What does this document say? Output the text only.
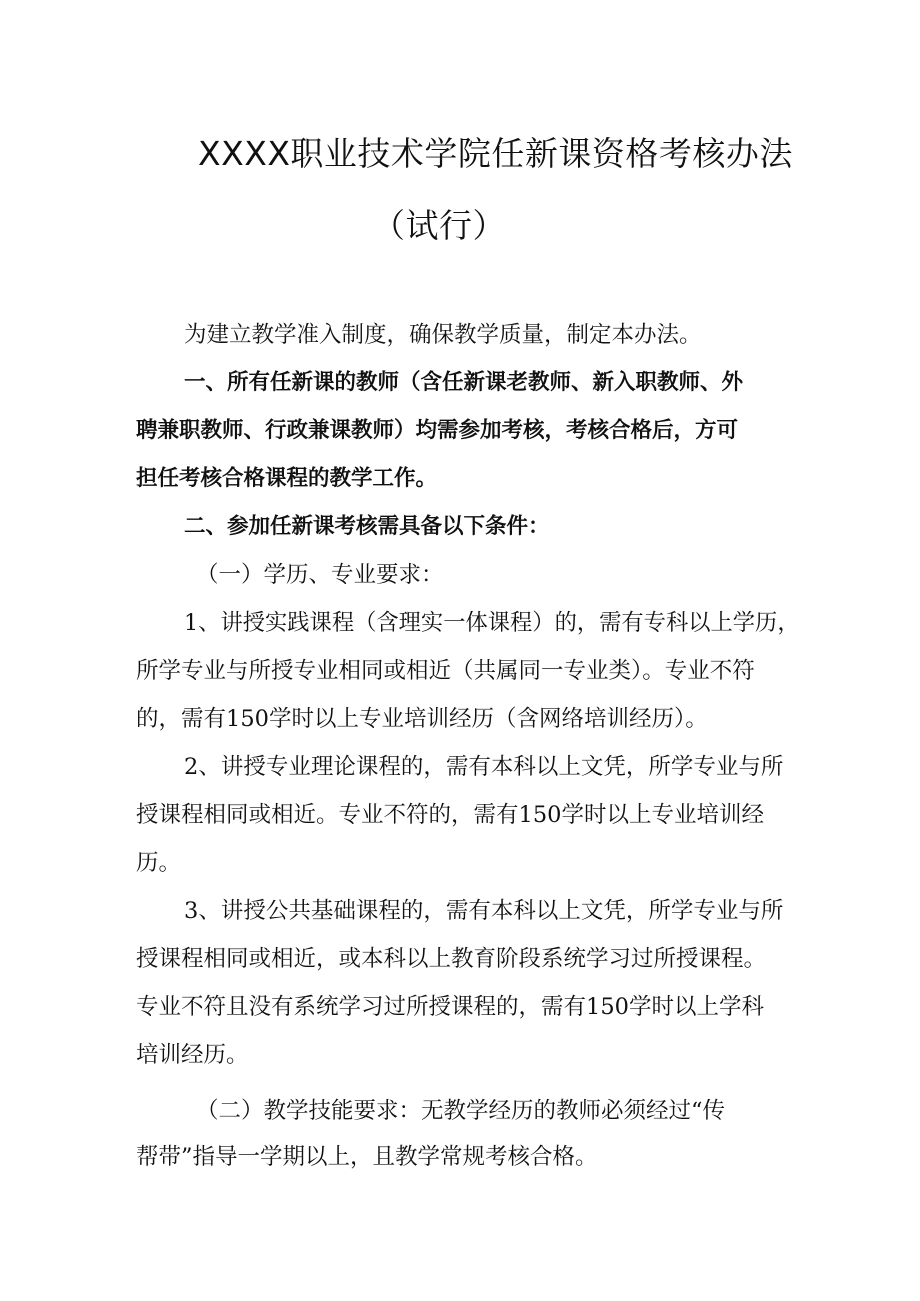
XXXX职业技术学院任新课资格考核办法
（试行）
为建立教学准入制度，确保教学质量，制定本办法。
一、所有任新课的教师（含任新课老教师、新入职教师、外
聘兼职教师、行政兼课教师）均需参加考核，考核合格后，方可
担任考核合格课程的教学工作。
二、参加任新课考核需具备以下条件：
（一）学历、专业要求：
1、讲授实践课程（含理实一体课程）的，需有专科以上学历，
所学专业与所授专业相同或相近（共属同一专业类）。专业不符
的，需有150学时以上专业培训经历（含网络培训经历）。
2、讲授专业理论课程的，需有本科以上文凭，所学专业与所
授课程相同或相近。专业不符的，需有150学时以上专业培训经
历。
3、讲授公共基础课程的，需有本科以上文凭，所学专业与所
授课程相同或相近，或本科以上教育阶段系统学习过所授课程。
专业不符且没有系统学习过所授课程的，需有150学时以上学科
培训经历。
（二）教学技能要求：无教学经历的教师必须经过“传
帮带”指导一学期以上，且教学常规考核合格。
